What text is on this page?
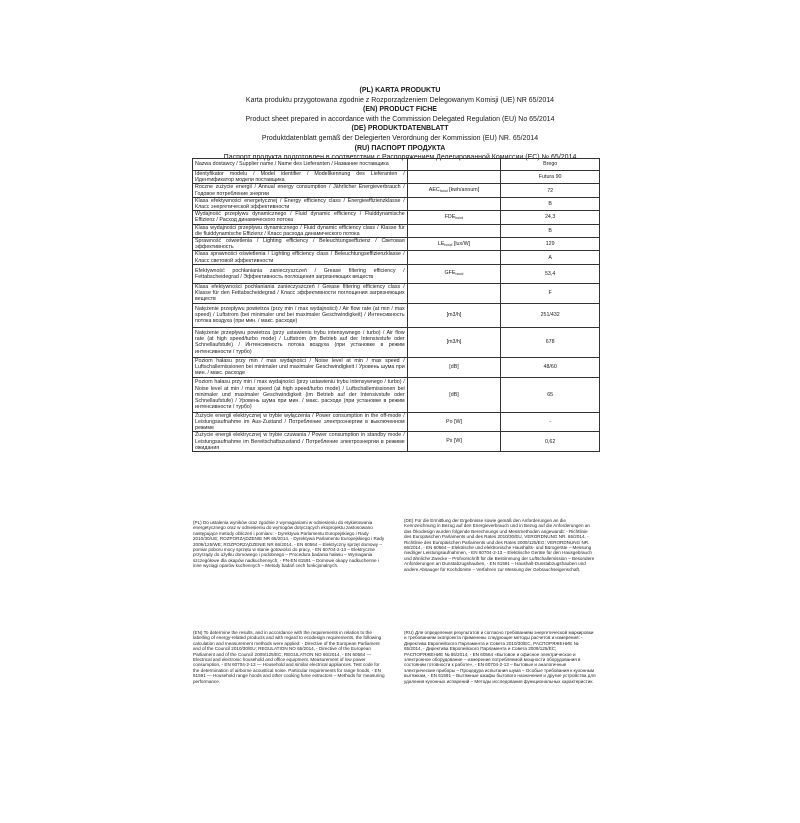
(PL) KARTA PRODUKTU
Karta produktu przygotowana zgodnie z Rozporządzeniem Delegowanym Komisji (UE) NR 65/2014
(EN) PRODUCT FICHE
Product sheet prepared in accordance with the Commission Delegated Regulation (EU) No 65/2014
(DE) PRODUKTDATENBLATT
Produktdatenblatt gemäß der Delegierten Verordnung der Kommission (EU) NR. 65/2014
(RU) ПАСПОРТ ПРОДУКТА
Паспорт продукта подготовлен в соответствии с Распоряжением Делегированной Комиссии (ЕС) № 65/2014
Nazwa dostawcy / Supplier name / Name des Lieferanten / Название поставщика		Brego
Identyfikator modelu / Model identifier / Modellkennung des Lieferanten / Идентификатор модели поставщика		Futura 90
Roczne zużycie energii / Annual energy consumption / Jährlicher Energieverbrauch / Годовое потребление энергии	$AEC_{hood}$ [kwh/annum]	72
Klasa efektywności energetycznej / Energy efficiency class / Energieeffizienzklasse / Класс энергетической эффективности		B
Wydajność przepływu dynamicznego / Fluid dynamic efficiency / Fluiddynamische Effizienz / Расход динамического потока	$FDE_{hood}$	24,3
Klasa wydajności przepływu dynamicznego / Fluid dynamic efficiency class / Klasse für die fluiddynamische Effizienz / Класс расхода динамического потока		B
Sprawność oświetlenia / Lighting efficiency / Beleuchtungseffizienz / Световая эффективность	$LE_{hood}$ [lux/W]	129
Klasa sprawności oświetlenia / Lighting efficiency class / Beleuchtungseffizienzklasse / Класс световой эффективности		A
Efektywność pochłaniania zanieczyszczeń / Grease filtering efficiency / Fettabscheidegrad / Эффективность поглощения загрязняющих веществ	$GFE_{hood}$	53,4
Klasa efektywności pochłaniania zanieczyszczeń / Grease filtering efficiency class / Klasse für den Fettabscheidegrad / Класс эффективности поглощения загрязняющих веществ		F
Natężenie przepływu powietrza (przy min / max wydajności) / Air flow rate (at min / max speed) / Luftstrom (bei minimaler und bei maximaler Geschwindigkeit) / Интенсивность потока воздуха (при мин. / макс. расходе)	[m3/h]	251/432
Natężenie przepływu powietrza (przy ustawieniu trybu intensywnego / turbo) / Air flow rate (at high speed/turbo mode) / Luftstrom (im Betrieb auf der Intensivstufe oder Schnellaufstufe) / Интенсивность потока воздуха (при установке в режим интенсивности / турбо)	[m3/h]	678
Poziom hałasu przy min / max wydajności / Noise level at min / max speed / Luftschallemissionen bei minimaler und maximaler Geschwindigkeit / Уровень шума при мин. / макс. расходе	[dB]	48/60
Poziom hałasu przy min / max wydajności (przy ustawieniu trybu intensywnego / turbo) / Noise level at min / max speed (at high speed/turbo mode) / Luftschallemissionen bei minimaler und maximaler Geschwindigkeit (im Betrieb auf der Intensivstufe oder Schnellaufstufe) / Уровень шума при мин. / макс. расходе (при установке в режим интенсивности / турбо)	[dB]	65
Zużycie energii elektrycznej w trybie wyłączenia / Power consumption in the off-mode / Leistungsaufnahme im Aus-Zustand / Потребление электроэнергии в выключенном режиме	Po [W]	-
Zużycie energii elektrycznej w trybie czuwania / Power consumption in standby mode / Leistungsaufnahme im Bereitschaftszustand / Потребление электроэнергии в режиме ожидания	Ps [W]	0,62

(PL) Do ustalenia wyników oraz zgodnie z wymaganiami w odniesieniu do etykietowania energetycznego oraz w odniesieniu do wymogów dotyczących ekoprojektu zastosowano następujące metody obliczeń i pomiaru: - Dyrektywa Parlamentu Europejskiego i Rady 2010/30/UE; ROZPORZĄDZENIE NR 65/2014, - Dyrektywa Parlamentu Europejskiego i Rady 2009/125/WE; ROZPORZĄDZENIE NR 66/2014, - EN 60564 – Elektryczny sprzęt domowy – pomiar poboru mocy sprzętu w stanie gotowości do pracy, - EN 60704-2-13 – Elektryczne przyrządy do użytku domowego i podobnego – Procedura badania hałasu – Wymagania szczegółowe dla okapów nadkuchennych, - PN-EN 61591 – Domowe okapy nadkuchenne i inne wyciągi oparów kuchennych – Metody badań cech funkcjonalnych.

(DE) Für die Ermittlung der Ergebnisse sowie gemäß den Anforderungen an die Kennzeichnung in Bezug auf den Energieverbrauch und in Bezug auf die Anforderungen an das Ökodesign wurden folgende Berechnungs und Messmethoden angewandt: - Richtlinie des Europäischen Parlaments und des Rates 2010/30/EU, VERORDNUNG NR. 65/2014, - Richtlinie des Europäischen Parlaments und des Rates 2009/125/EG; VERORDNUNG NR. 66/2014, - EN 60564 – Elektrische und elektronische Haushalts- und Bürogeräte – Messung niedriger Leistungsaufnahmen, - EN 60704-2-13 – Elektrische Geräte für den Hausgebrauch und ähnliche Zwecke – Prüfvorschrift für die Bestimmung der Luftschallemission – Besondere Anforderungen an Dunstabzugshauben, - EN 61591 – Haushalt-Dunstabzugshauben und andere Absauger für Kochdünste – Verfahren zur Messung der Gebrauchseigenschaft.

(EN) To determine the results, and in accordance with the requirements in relation to the labelling of energy-related products and with regard to ecodesign requirements, the following calculation and measurement methods were applied: - Directive of the European Parliament and of the Council 2010/30/EU; REGULATION NO 65/2014, - Directive of the European Parliament and of the Council 2009/125/EC; REGULATION NO 66/2014, - EN 60564 — Electrical and electronic household and office equipment. Measurement of low power consumption, - EN 60704-2-13 — Household and similar electrical appliances. Test code for the determination of airborne acoustical noise. Particular requirements for range hoods, - EN 61591 — Household range hoods and other cooking fume extractors – Methods for measuring performance.

(RU) Для определения результатов и согласно требованиям энергетической маркировки и требованиям экопроекта применены следующие методы расчетов и измерения: - Директива Европейского Парламента и Совета 2010/30/ЕС, РАСПОРЯЖЕНИЕ № 65/2014, - Директива Европейского Парламента и Совета 2009/125/ЕС; РАСПОРЯЖЕНИЕ № 66/2014, - EN 60564 «Бытовое и офисное электрическое и электронное оборудование – измерение потребляемой мощности оборудования в состоянии готовности к работе», - EN 60704-2-13 – Бытовые и аналогичные электрические приборы – Процедура испытания шума – Особые требования к кухонным вытяжкам, - EN 61591 – Вытяжные шкафы бытового назначения и другие устройства для удаления кухонных испарений – Методы исследования функциональных характеристик.
